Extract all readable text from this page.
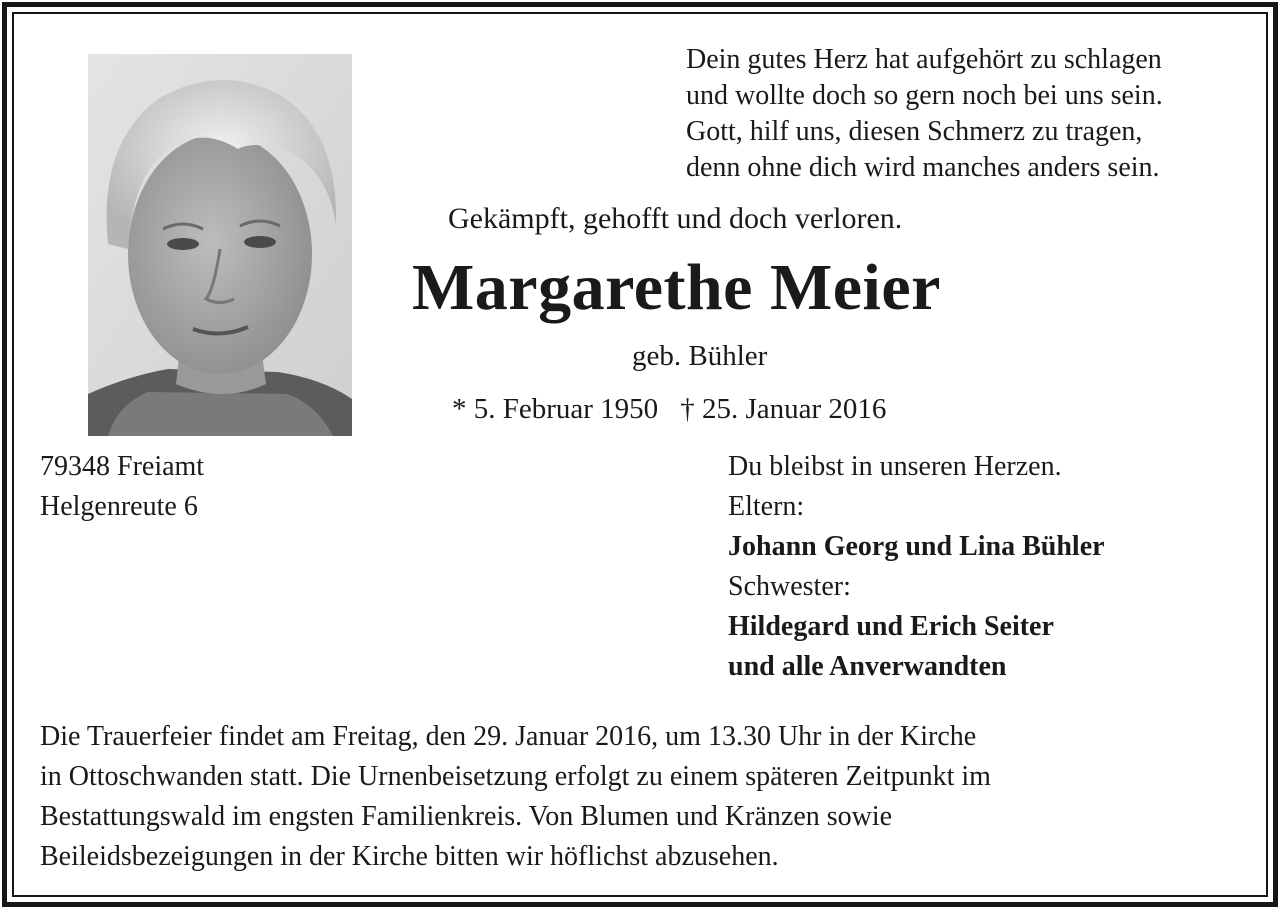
Dein gutes Herz hat aufgehört zu schlagen
und wollte doch so gern noch bei uns sein.
Gott, hilf uns, diesen Schmerz zu tragen,
denn ohne dich wird manches anders sein.
Gekämpft, gehofft und doch verloren.
Margarethe Meier
geb. Bühler
* 5. Februar 1950 † 25. Januar 2016
79348 Freiamt
Helgenreute 6
Du bleibst in unseren Herzen.
Eltern:
Johann Georg und Lina Bühler
Schwester:
Hildegard und Erich Seiter
und alle Anverwandten
Die Trauerfeier findet am Freitag, den 29. Januar 2016, um 13.30 Uhr in der Kirche
in Ottoschwanden statt. Die Urnenbeisetzung erfolgt zu einem späteren Zeitpunkt im
Bestattungswald im engsten Familienkreis. Von Blumen und Kränzen sowie
Beileidsbezeigungen in der Kirche bitten wir höflichst abzusehen.
